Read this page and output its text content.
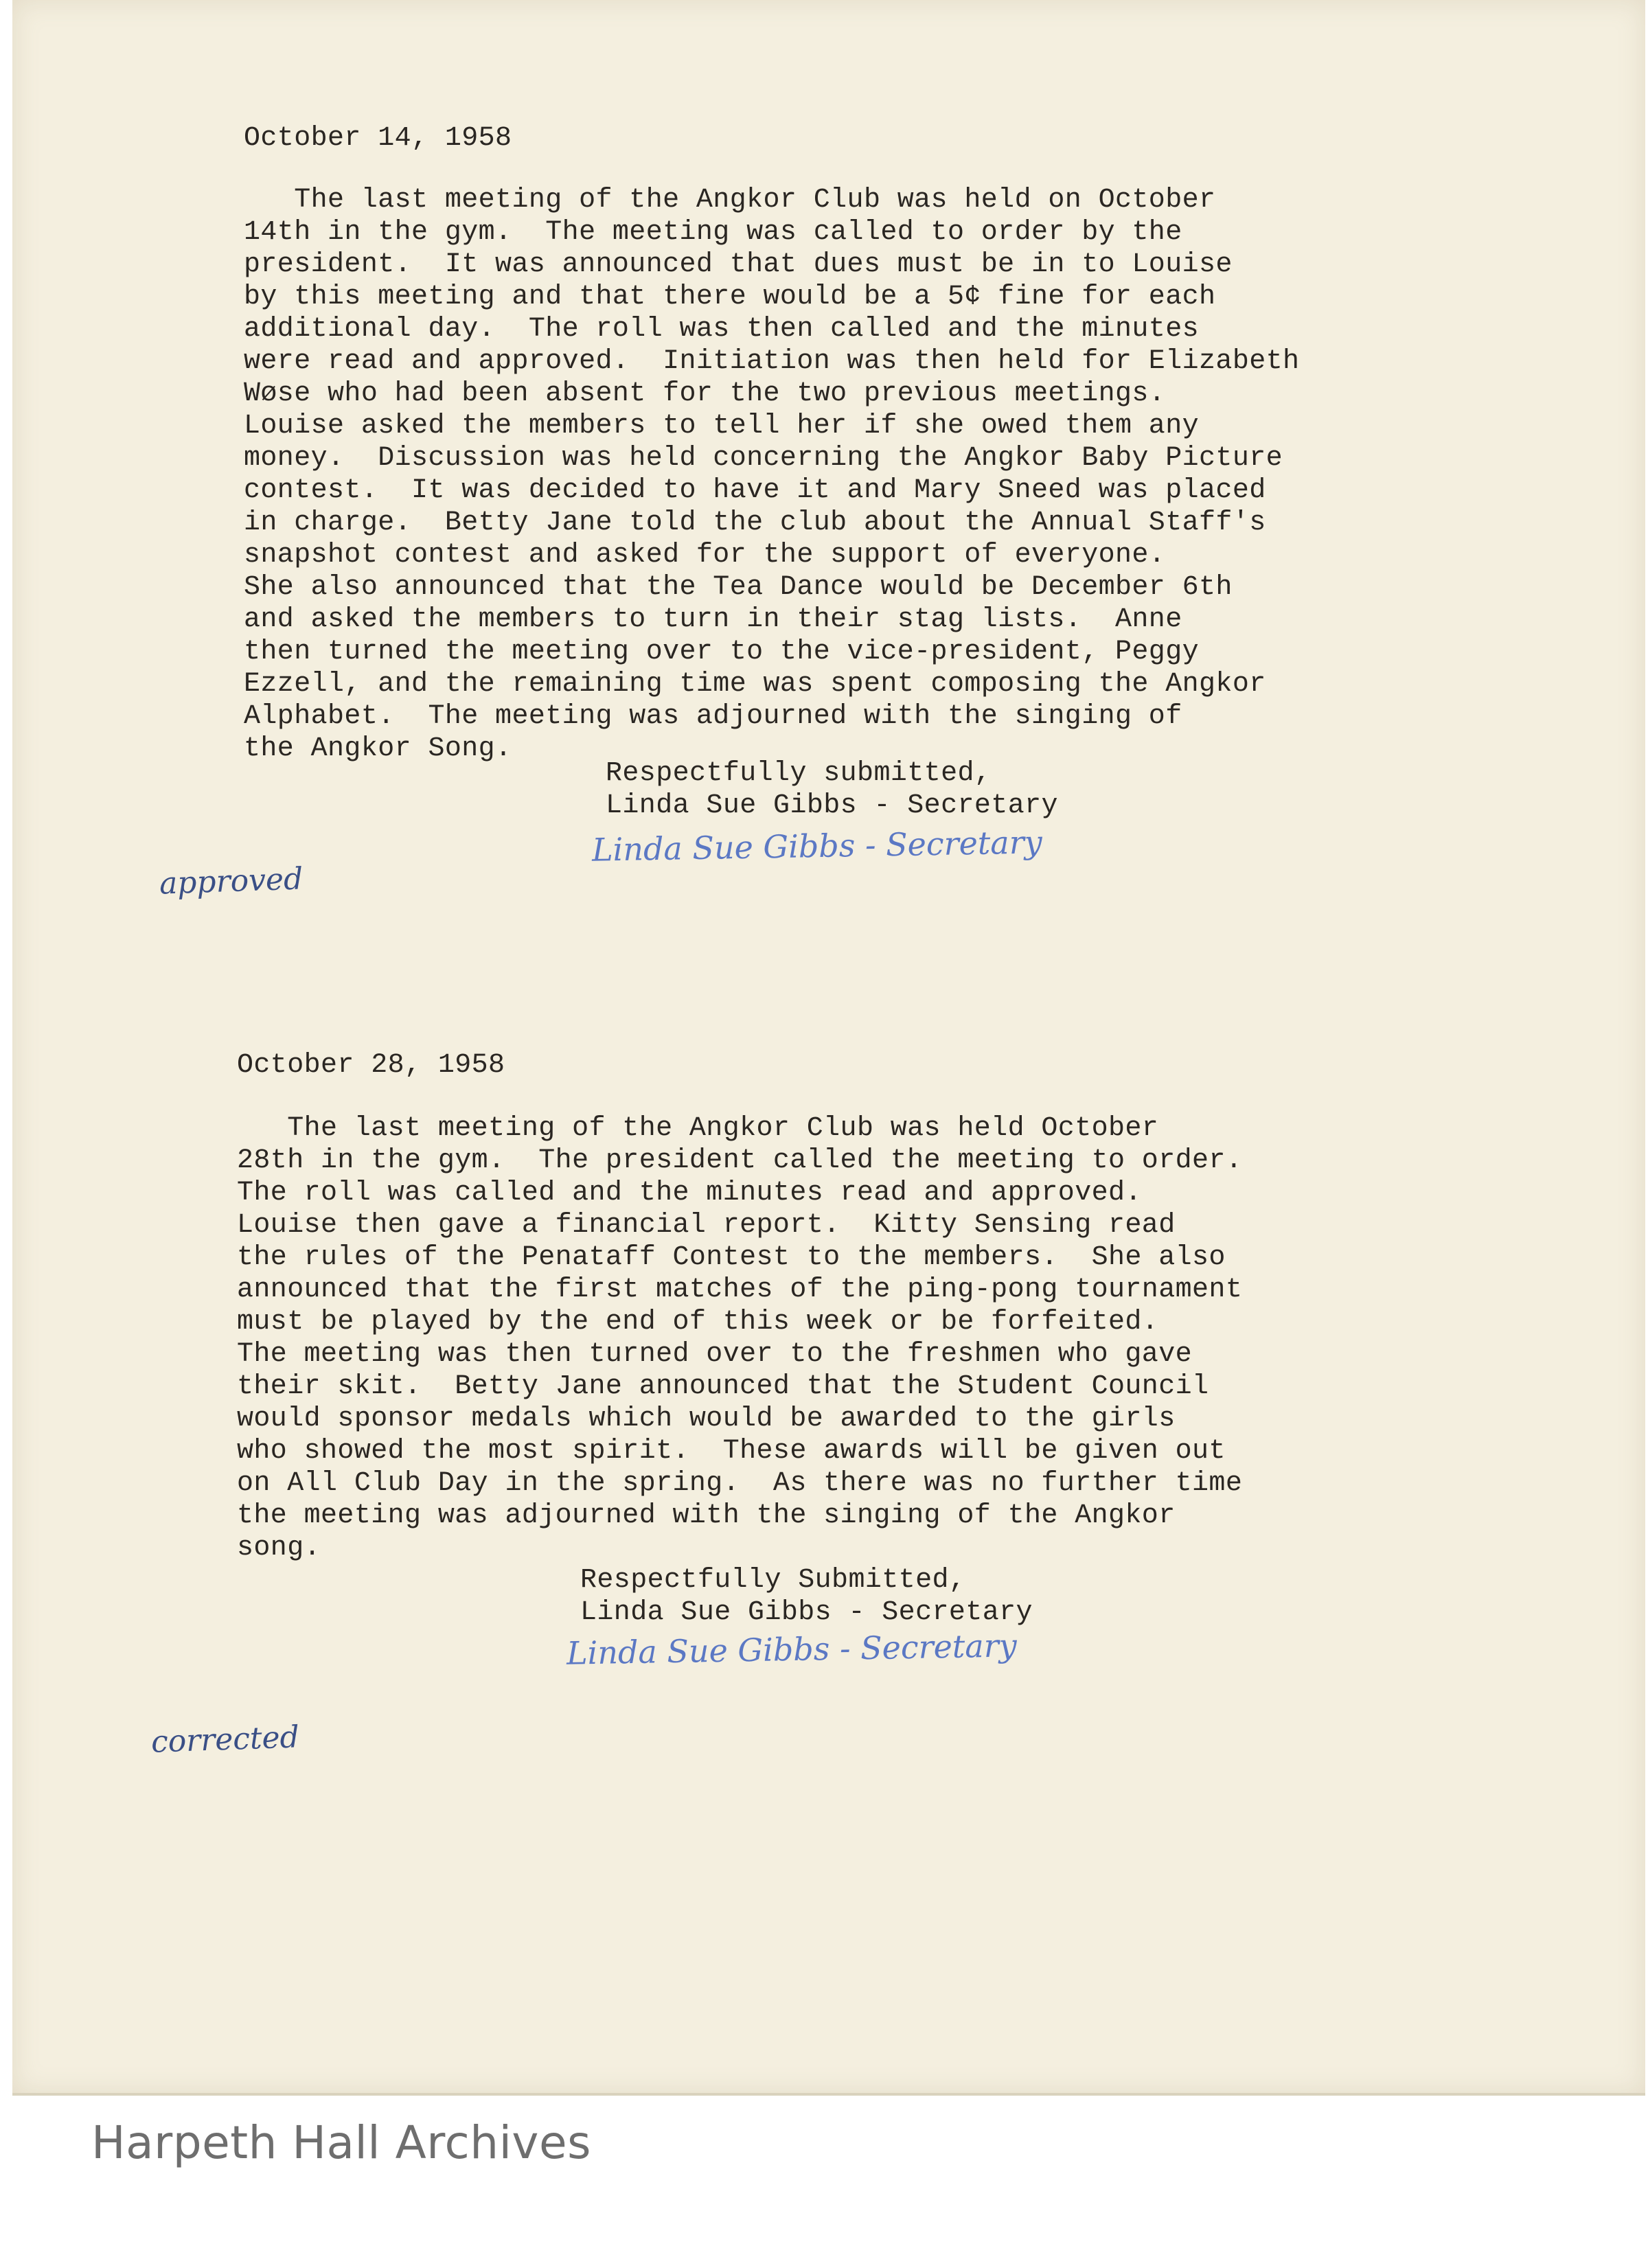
October 14, 1958

The last meeting of the Angkor Club was held on October

14th in the gym.  The meeting was called to order by the

president.  It was announced that dues must be in to Louise

by this meeting and that there would be a 5¢ fine for each

additional day.  The roll was then called and the minutes

were read and approved.  Initiation was then held for Elizabeth

Wøse who had been absent for the two previous meetings.

Louise asked the members to tell her if she owed them any

money.  Discussion was held concerning the Angkor Baby Picture

contest.  It was decided to have it and Mary Sneed was placed

in charge.  Betty Jane told the club about the Annual Staff's

snapshot contest and asked for the support of everyone.

She also announced that the Tea Dance would be December 6th

and asked the members to turn in their stag lists.  Anne

then turned the meeting over to the vice-president, Peggy

Ezzell, and the remaining time was spent composing the Angkor

Alphabet.  The meeting was adjourned with the singing of

the Angkor Song.

Respectfully submitted,

Linda Sue Gibbs - Secretary

Linda Sue Gibbs - Secretary

approved

October 28, 1958

The last meeting of the Angkor Club was held October

28th in the gym.  The president called the meeting to order.

The roll was called and the minutes read and approved.

Louise then gave a financial report.  Kitty Sensing read

the rules of the Penataff Contest to the members.  She also

announced that the first matches of the ping-pong tournament

must be played by the end of this week or be forfeited.

The meeting was then turned over to the freshmen who gave

their skit.  Betty Jane announced that the Student Council

would sponsor medals which would be awarded to the girls

who showed the most spirit.  These awards will be given out

on All Club Day in the spring.  As there was no further time

the meeting was adjourned with the singing of the Angkor

song.

Respectfully Submitted,

Linda Sue Gibbs - Secretary

Linda Sue Gibbs - Secretary

corrected

Harpeth Hall Archives
